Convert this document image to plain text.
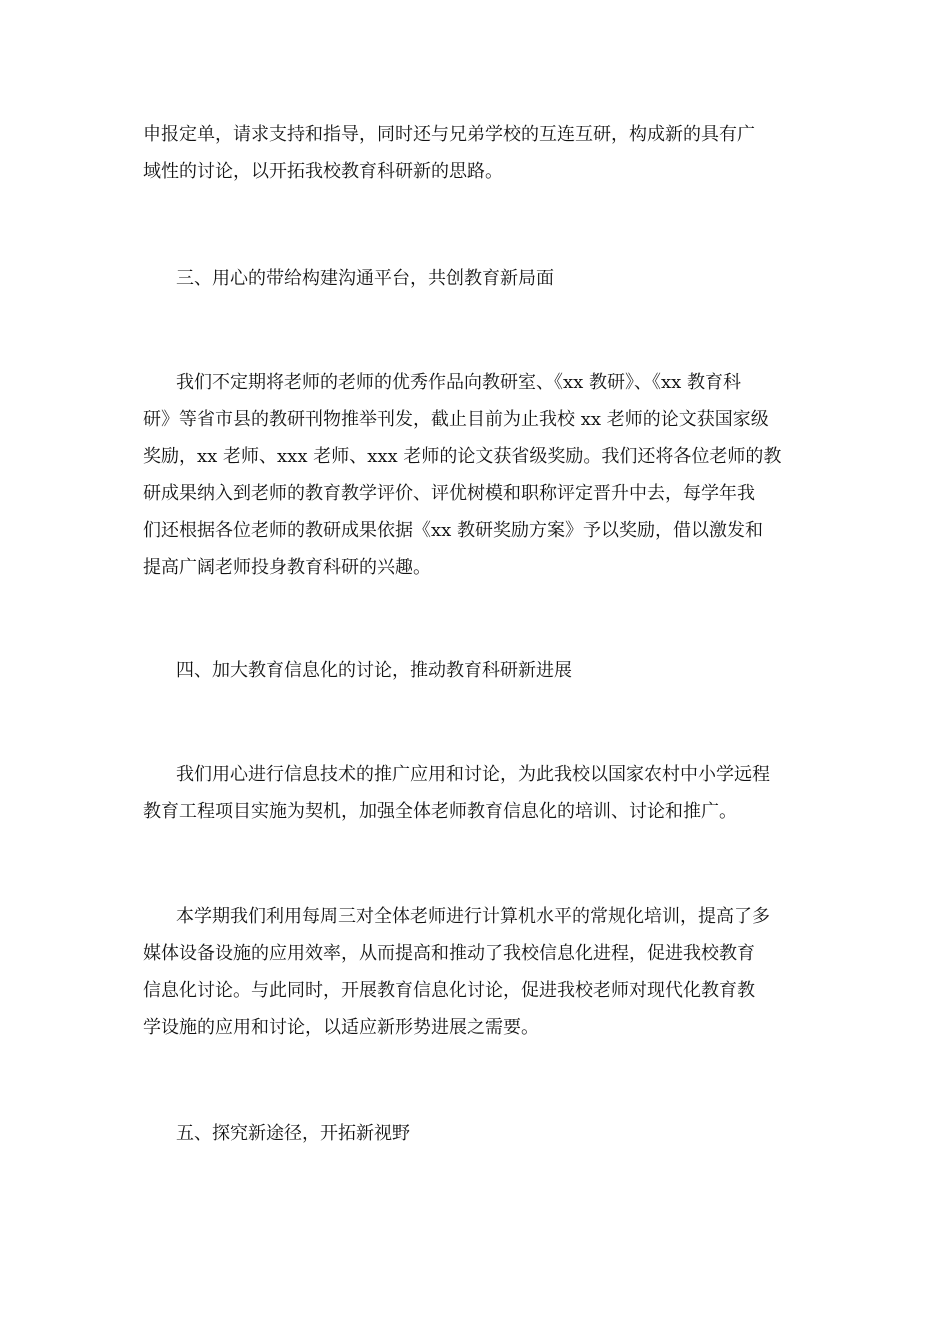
申报定单，请求支持和指导，同时还与兄弟学校的互连互研，构成新的具有广
域性的讨论，以开拓我校教育科研新的思路。
三、用心的带给构建沟通平台，共创教育新局面
我们不定期将老师的老师的优秀作品向教研室、《xx 教研》、《xx 教育科
研》等省市县的教研刊物推举刊发，截止目前为止我校 xx 老师的论文获国家级
奖励，xx 老师、xxx 老师、xxx 老师的论文获省级奖励。我们还将各位老师的教
研成果纳入到老师的教育教学评价、评优树模和职称评定晋升中去，每学年我
们还根据各位老师的教研成果依据《xx 教研奖励方案》予以奖励，借以激发和
提高广阔老师投身教育科研的兴趣。
四、加大教育信息化的讨论，推动教育科研新进展
我们用心进行信息技术的推广应用和讨论，为此我校以国家农村中小学远程
教育工程项目实施为契机，加强全体老师教育信息化的培训、讨论和推广。
本学期我们利用每周三对全体老师进行计算机水平的常规化培训，提高了多
媒体设备设施的应用效率，从而提高和推动了我校信息化进程，促进我校教育
信息化讨论。与此同时，开展教育信息化讨论，促进我校老师对现代化教育教
学设施的应用和讨论，以适应新形势进展之需要。
五、探究新途径，开拓新视野
